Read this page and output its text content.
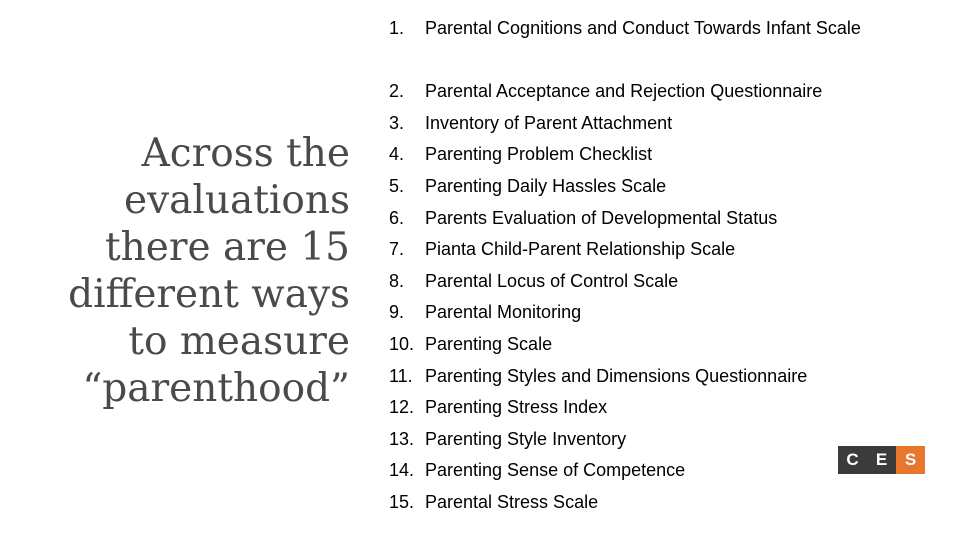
Across the
evaluations
there are 15
different ways
to measure
“parenthood”
1. Parental Cognitions and Conduct Towards Infant Scale
2. Parental Acceptance and Rejection Questionnaire
3. Inventory of Parent Attachment
4. Parenting Problem Checklist
5. Parenting Daily Hassles Scale
6. Parents Evaluation of Developmental Status
7. Pianta Child-Parent Relationship Scale
8. Parental Locus of Control Scale
9. Parental Monitoring
10. Parenting Scale
11. Parenting Styles and Dimensions Questionnaire
12. Parenting Stress Index
13. Parenting Style Inventory
14. Parenting Sense of Competence
15. Parental Stress Scale
C	E	S
